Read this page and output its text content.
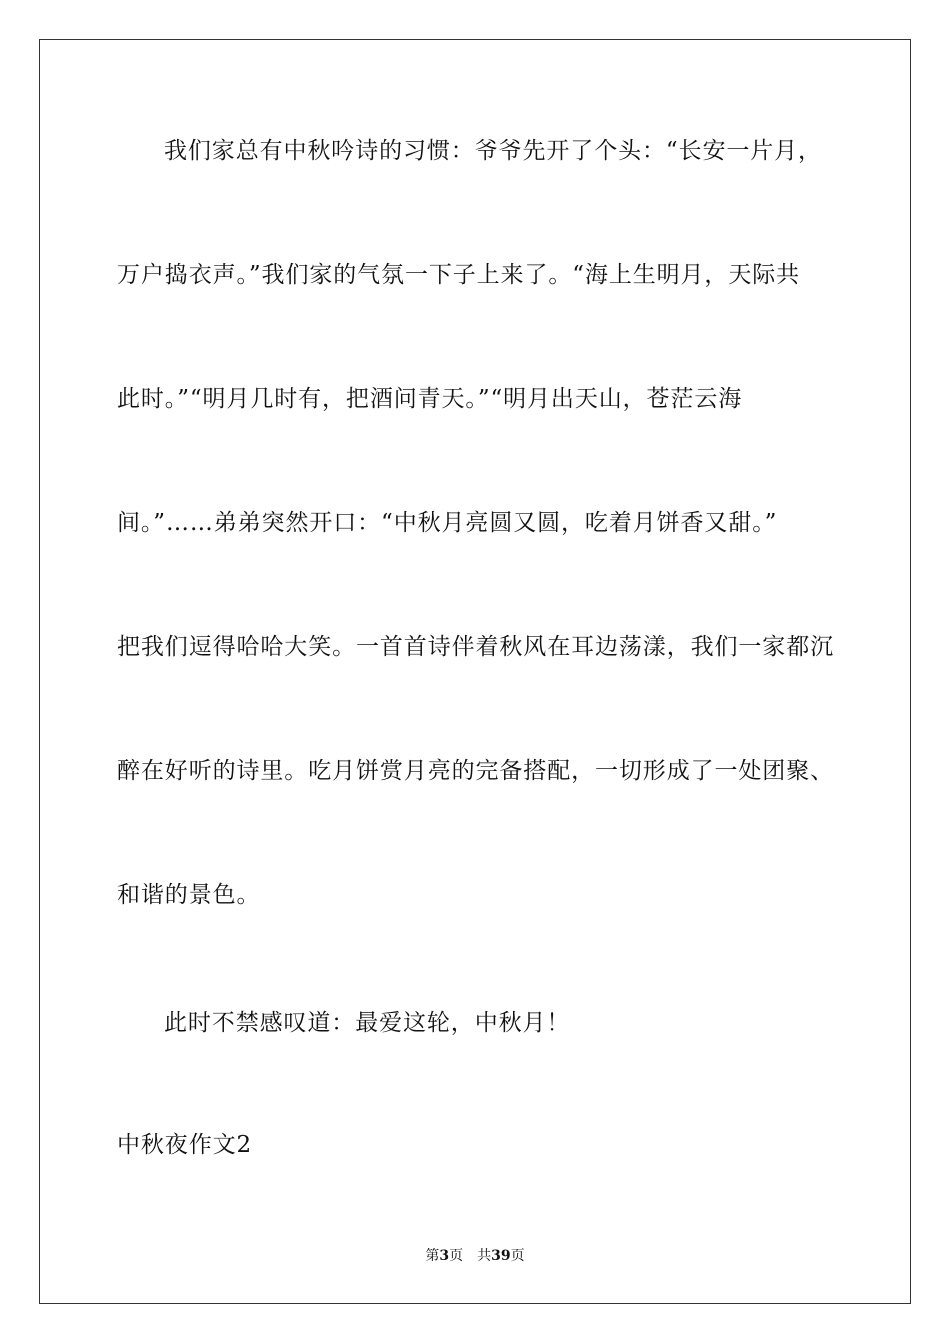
我们家总有中秋吟诗的习惯：爷爷先开了个头：“长安一片月，
万户捣衣声。”我们家的气氛一下子上来了。“海上生明月，天际共
此时。”“明月几时有，把酒问青天。”“明月出天山，苍茫云海
间。”……弟弟突然开口：“中秋月亮圆又圆，吃着月饼香又甜。”
把我们逗得哈哈大笑。一首首诗伴着秋风在耳边荡漾，我们一家都沉
醉在好听的诗里。吃月饼赏月亮的完备搭配，一切形成了一处团聚、
和谐的景色。
此时不禁感叹道：最爱这轮，中秋月！
中秋夜作文2
第3页 共39页
